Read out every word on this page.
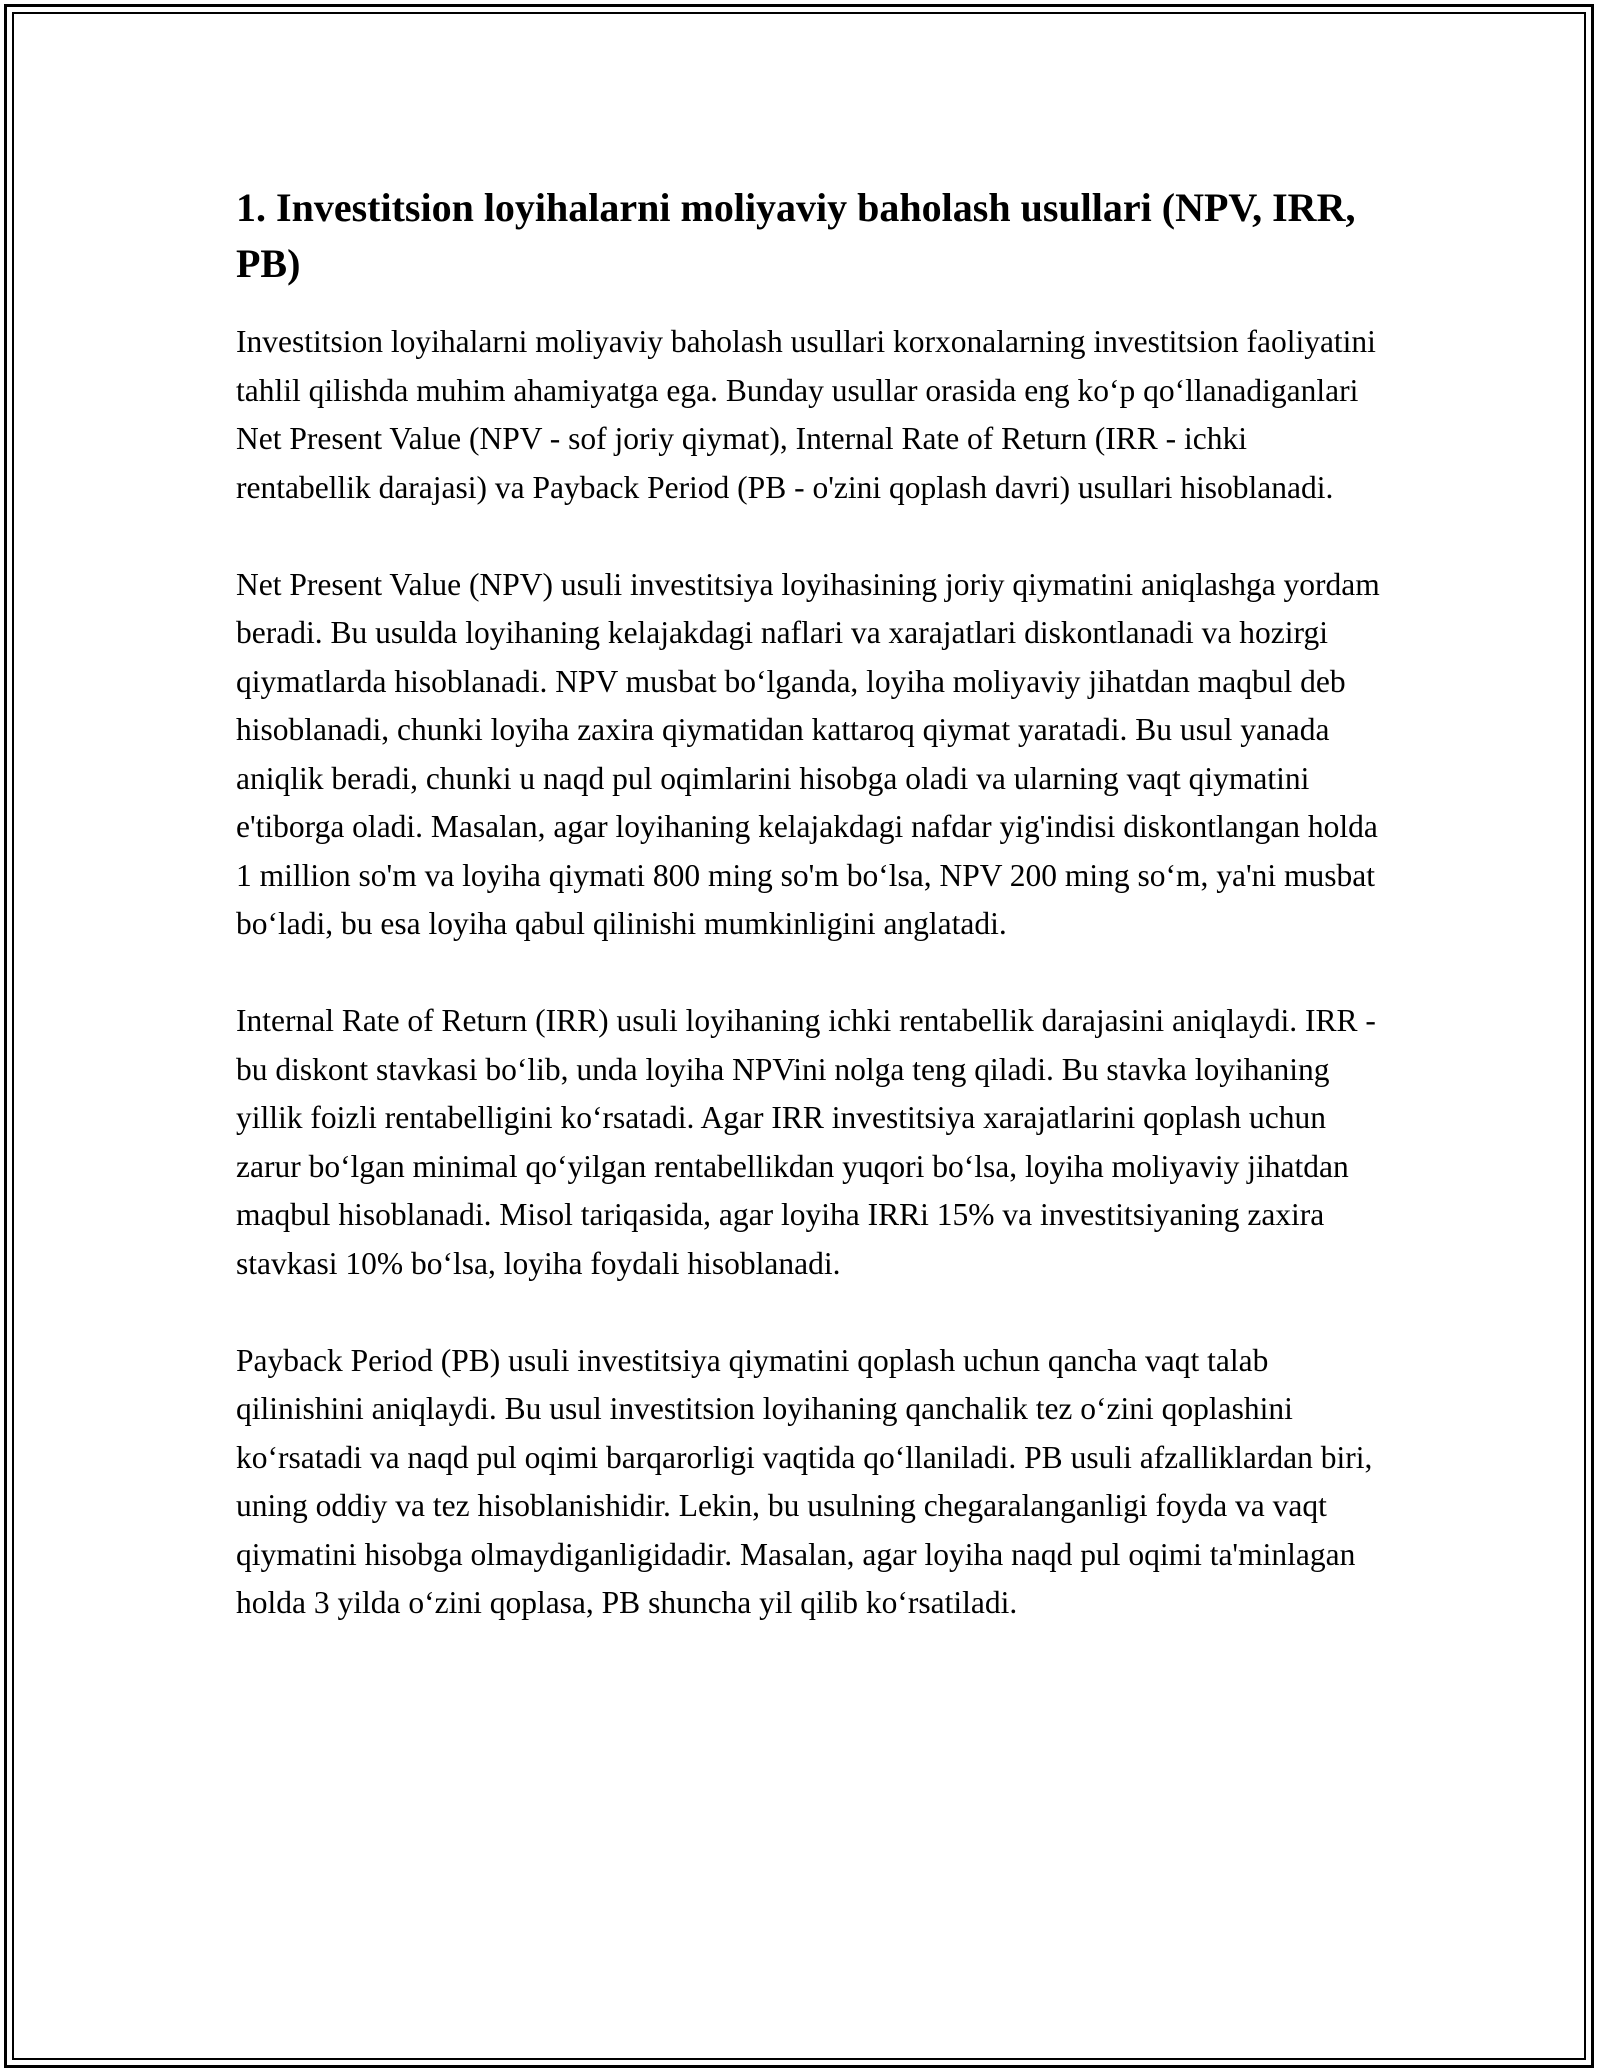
1. Investitsion loyihalarni moliyaviy baholash usullari (NPV, IRR, PB)

Investitsion loyihalarni moliyaviy baholash usullari korxonalarning investitsion faoliyatini tahlil qilishda muhim ahamiyatga ega. Bunday usullar orasida eng koʻp qoʻllanadiganlari Net Present Value (NPV - sof joriy qiymat), Internal Rate of Return (IRR - ichki rentabellik darajasi) va Payback Period (PB - o'zini qoplash davri) usullari hisoblanadi.

Net Present Value (NPV) usuli investitsiya loyihasining joriy qiymatini aniqlashga yordam beradi. Bu usulda loyihaning kelajakdagi naflari va xarajatlari diskontlanadi va hozirgi qiymatlarda hisoblanadi. NPV musbat boʻlganda, loyiha moliyaviy jihatdan maqbul deb hisoblanadi, chunki loyiha zaxira qiymatidan kattaroq qiymat yaratadi. Bu usul yanada aniqlik beradi, chunki u naqd pul oqimlarini hisobga oladi va ularning vaqt qiymatini e'tiborga oladi. Masalan, agar loyihaning kelajakdagi nafdar yig'indisi diskontlangan holda 1 million so'm va loyiha qiymati 800 ming so'm boʻlsa, NPV 200 ming soʻm, ya'ni musbat boʻladi, bu esa loyiha qabul qilinishi mumkinligini anglatadi.

Internal Rate of Return (IRR) usuli loyihaning ichki rentabellik darajasini aniqlaydi. IRR - bu diskont stavkasi boʻlib, unda loyiha NPVini nolga teng qiladi. Bu stavka loyihaning yillik foizli rentabelligini koʻrsatadi. Agar IRR investitsiya xarajatlarini qoplash uchun zarur boʻlgan minimal qoʻyilgan rentabellikdan yuqori boʻlsa, loyiha moliyaviy jihatdan maqbul hisoblanadi. Misol tariqasida, agar loyiha IRRi 15% va investitsiyaning zaxira stavkasi 10% boʻlsa, loyiha foydali hisoblanadi.

Payback Period (PB) usuli investitsiya qiymatini qoplash uchun qancha vaqt talab qilinishini aniqlaydi. Bu usul investitsion loyihaning qanchalik tez oʻzini qoplashini koʻrsatadi va naqd pul oqimi barqarorligi vaqtida qoʻllaniladi. PB usuli afzalliklardan biri, uning oddiy va tez hisoblanishidir. Lekin, bu usulning chegaralanganligi foyda va vaqt qiymatini hisobga olmaydiganligidadir. Masalan, agar loyiha naqd pul oqimi ta'minlagan holda 3 yilda oʻzini qoplasa, PB shuncha yil qilib koʻrsatiladi.
